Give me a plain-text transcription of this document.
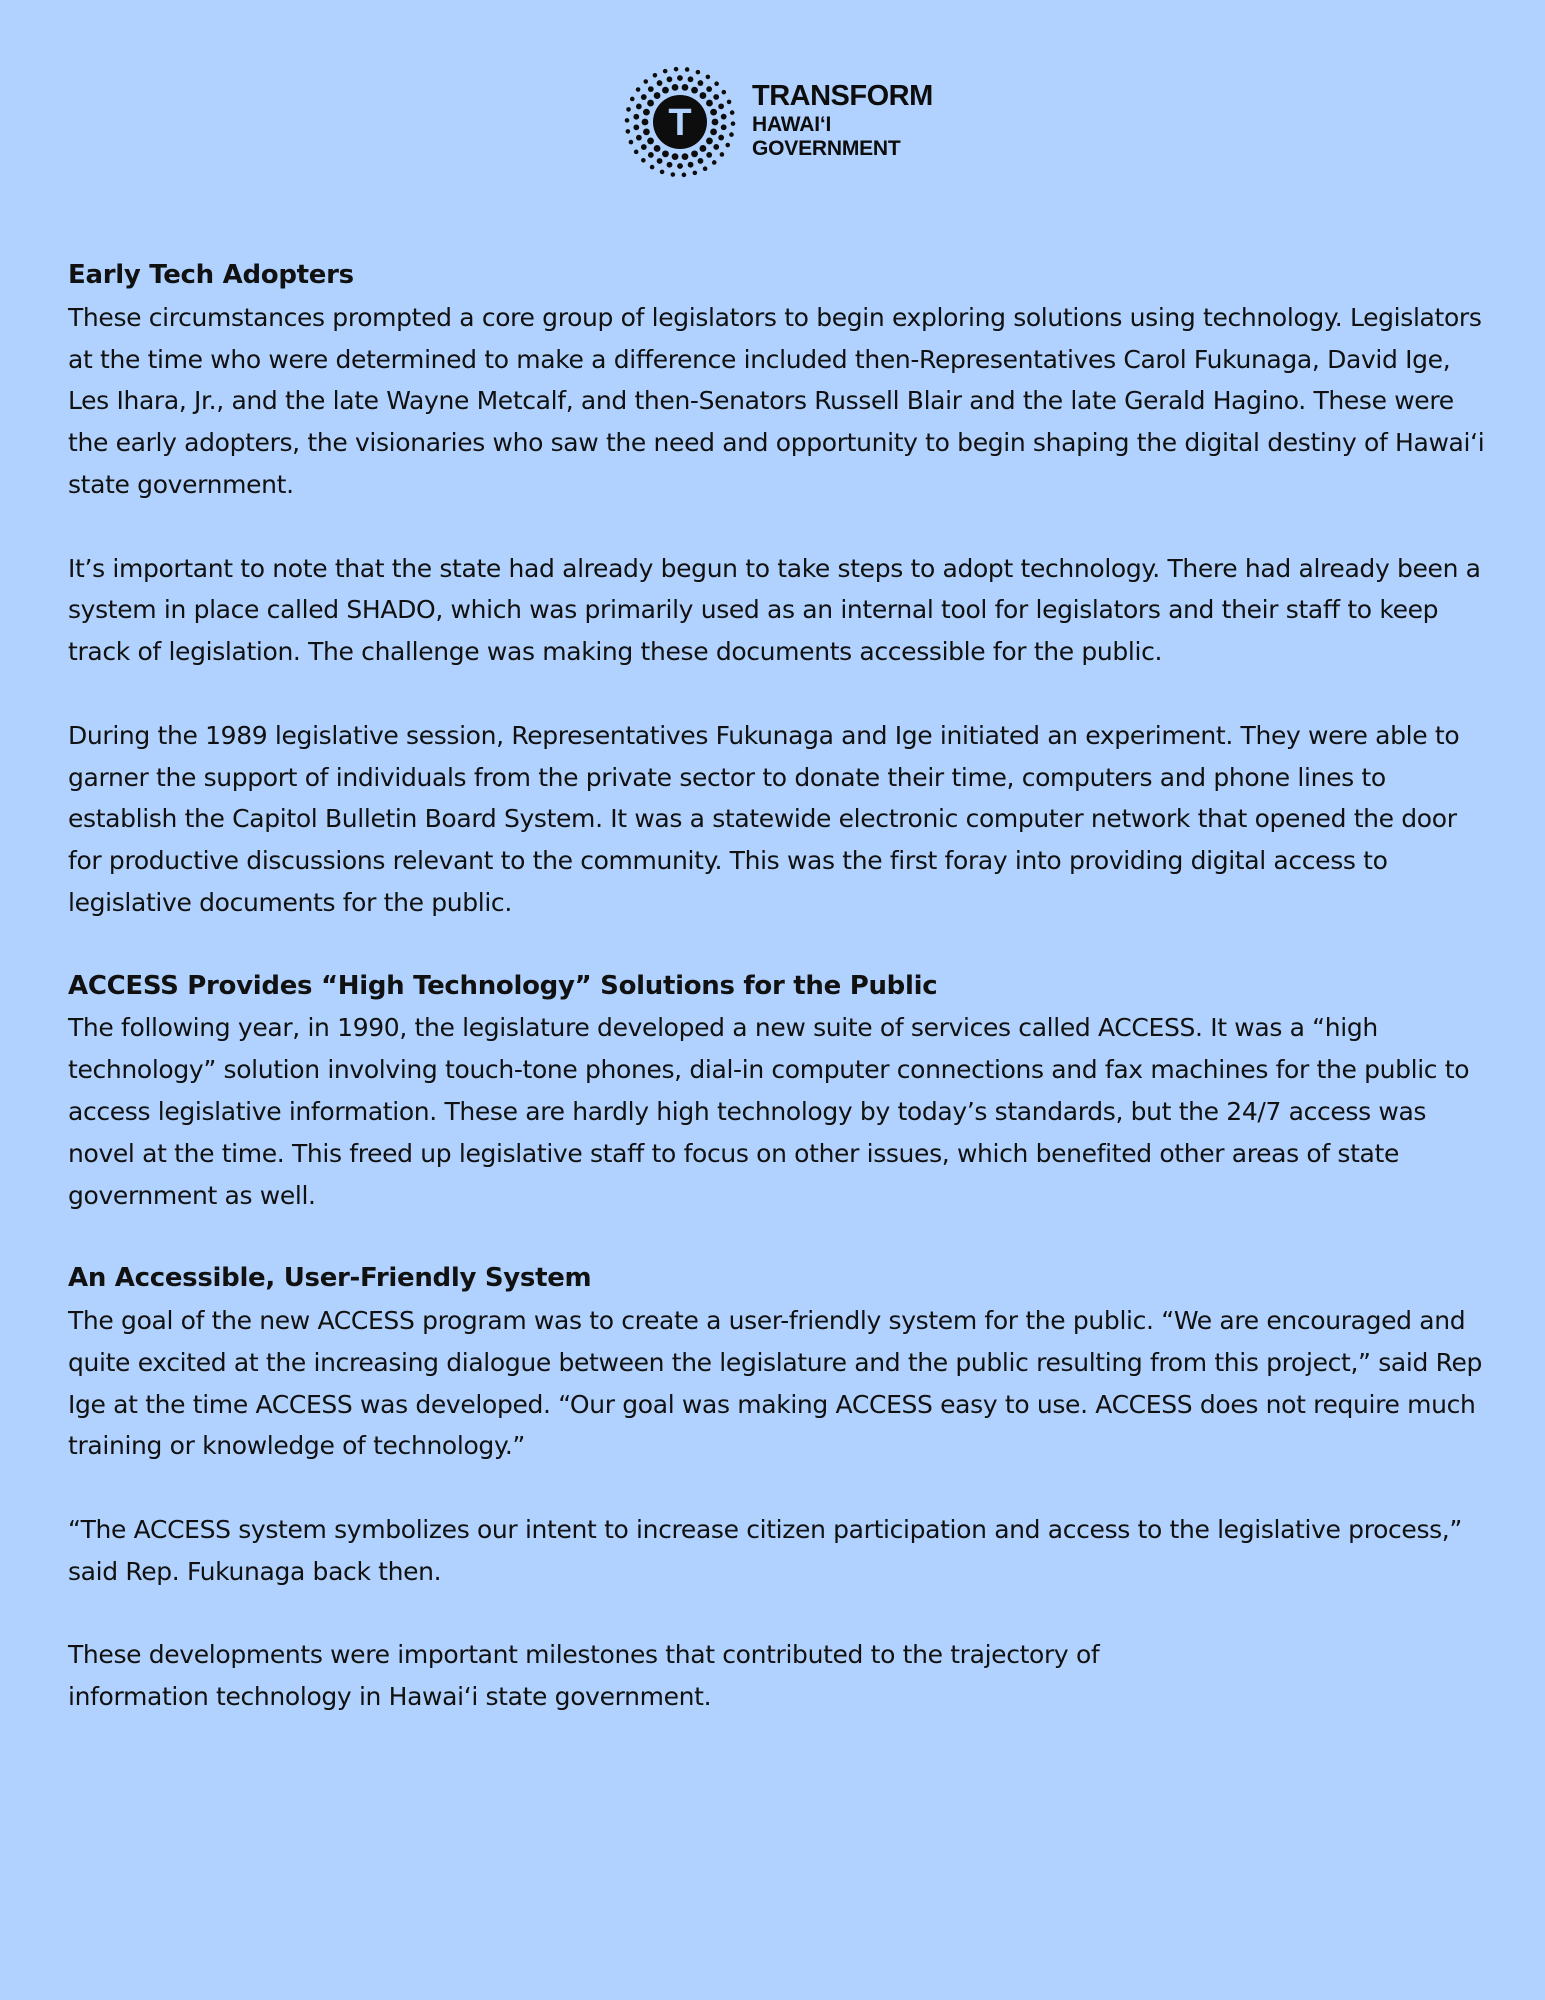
T
TRANSFORM
HAWAI‘I
GOVERNMENT
Early Tech Adopters

These circumstances prompted a core group of legislators to begin exploring solutions using technology. Legislators at the time who were determined to make a difference included then-Representatives Carol Fukunaga, David Ige, Les Ihara, Jr., and the late Wayne Metcalf, and then-Senators Russell Blair and the late Gerald Hagino. These were the early adopters, the visionaries who saw the need and opportunity to begin shaping the digital destiny of Hawai‘i state government.

It’s important to note that the state had already begun to take steps to adopt technology. There had already been a system in place called SHADO, which was primarily used as an internal tool for legislators and their staff to keep track of legislation. The challenge was making these documents accessible for the public.

During the 1989 legislative session, Representatives Fukunaga and Ige initiated an experiment. They were able to garner the support of individuals from the private sector to donate their time, computers and phone lines to establish the Capitol Bulletin Board System. It was a statewide electronic computer network that opened the door for productive discussions relevant to the community. This was the first foray into providing digital access to legislative documents for the public.

ACCESS Provides “High Technology” Solutions for the Public

The following year, in 1990, the legislature developed a new suite of services called ACCESS. It was a “high technology” solution involving touch-tone phones, dial-in computer connections and fax machines for the public to access legislative information. These are hardly high technology by today’s standards, but the 24/7 access was novel at the time. This freed up legislative staff to focus on other issues, which benefited other areas of state government as well.

An Accessible, User-Friendly System

The goal of the new ACCESS program was to create a user-friendly system for the public. “We are encouraged and quite excited at the increasing dialogue between the legislature and the public resulting from this project,” said Rep Ige at the time ACCESS was developed. “Our goal was making ACCESS easy to use. ACCESS does not require much training or knowledge of technology.”

“The ACCESS system symbolizes our intent to increase citizen participation and access to the legislative process,” said Rep. Fukunaga back then.

These developments were important milestones that contributed to the trajectory of information technology in Hawai‘i state government.
